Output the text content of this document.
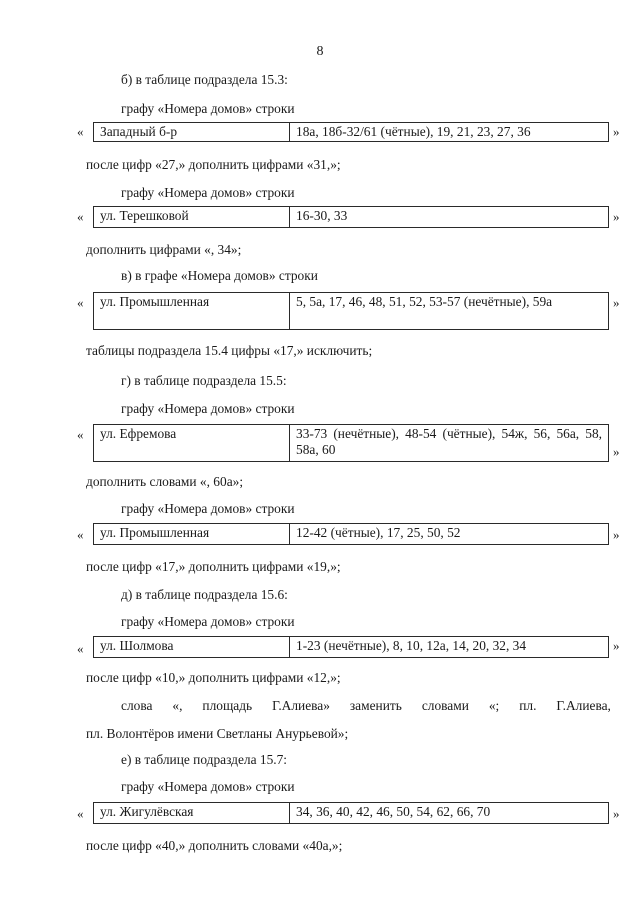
8
б) в таблице подраздела 15.3:
графу «Номера домов» строки
«	Западный б-р	18а, 18б-32/61 (чётные), 19, 21, 23, 27, 36	»
после цифр «27,» дополнить цифрами «31,»;
графу «Номера домов» строки
«	ул. Терешковой	16-30, 33	»
дополнить цифрами «, 34»;
в) в графе «Номера домов» строки
«	ул. Промышленная	5, 5а, 17, 46, 48, 51, 52, 53-57 (нечётные), 59а	»
таблицы подраздела 15.4 цифры «17,» исключить;
г) в таблице подраздела 15.5:
графу «Номера домов» строки
«	ул. Ефремова	33-73 (нечётные), 48-54 (чётные), 54ж, 56, 56а, 58, 58а, 60	»
дополнить словами «, 60а»;
графу «Номера домов» строки
«	ул. Промышленная	12-42 (чётные), 17, 25, 50, 52	»
после цифр «17,» дополнить цифрами «19,»;
д) в таблице подраздела 15.6:
графу «Номера домов» строки
«	ул. Шолмова	1-23 (нечётные), 8, 10, 12а, 14, 20, 32, 34	»
после цифр «10,» дополнить цифрами «12,»;
слова «, площадь Г.Алиева» заменить словами «; пл. Г.Алиева,
пл. Волонтёров имени Светланы Анурьевой»;
е) в таблице подраздела 15.7:
графу «Номера домов» строки
«	ул. Жигулёвская	34, 36, 40, 42, 46, 50, 54, 62, 66, 70	»
после цифр «40,» дополнить словами «40а,»;
